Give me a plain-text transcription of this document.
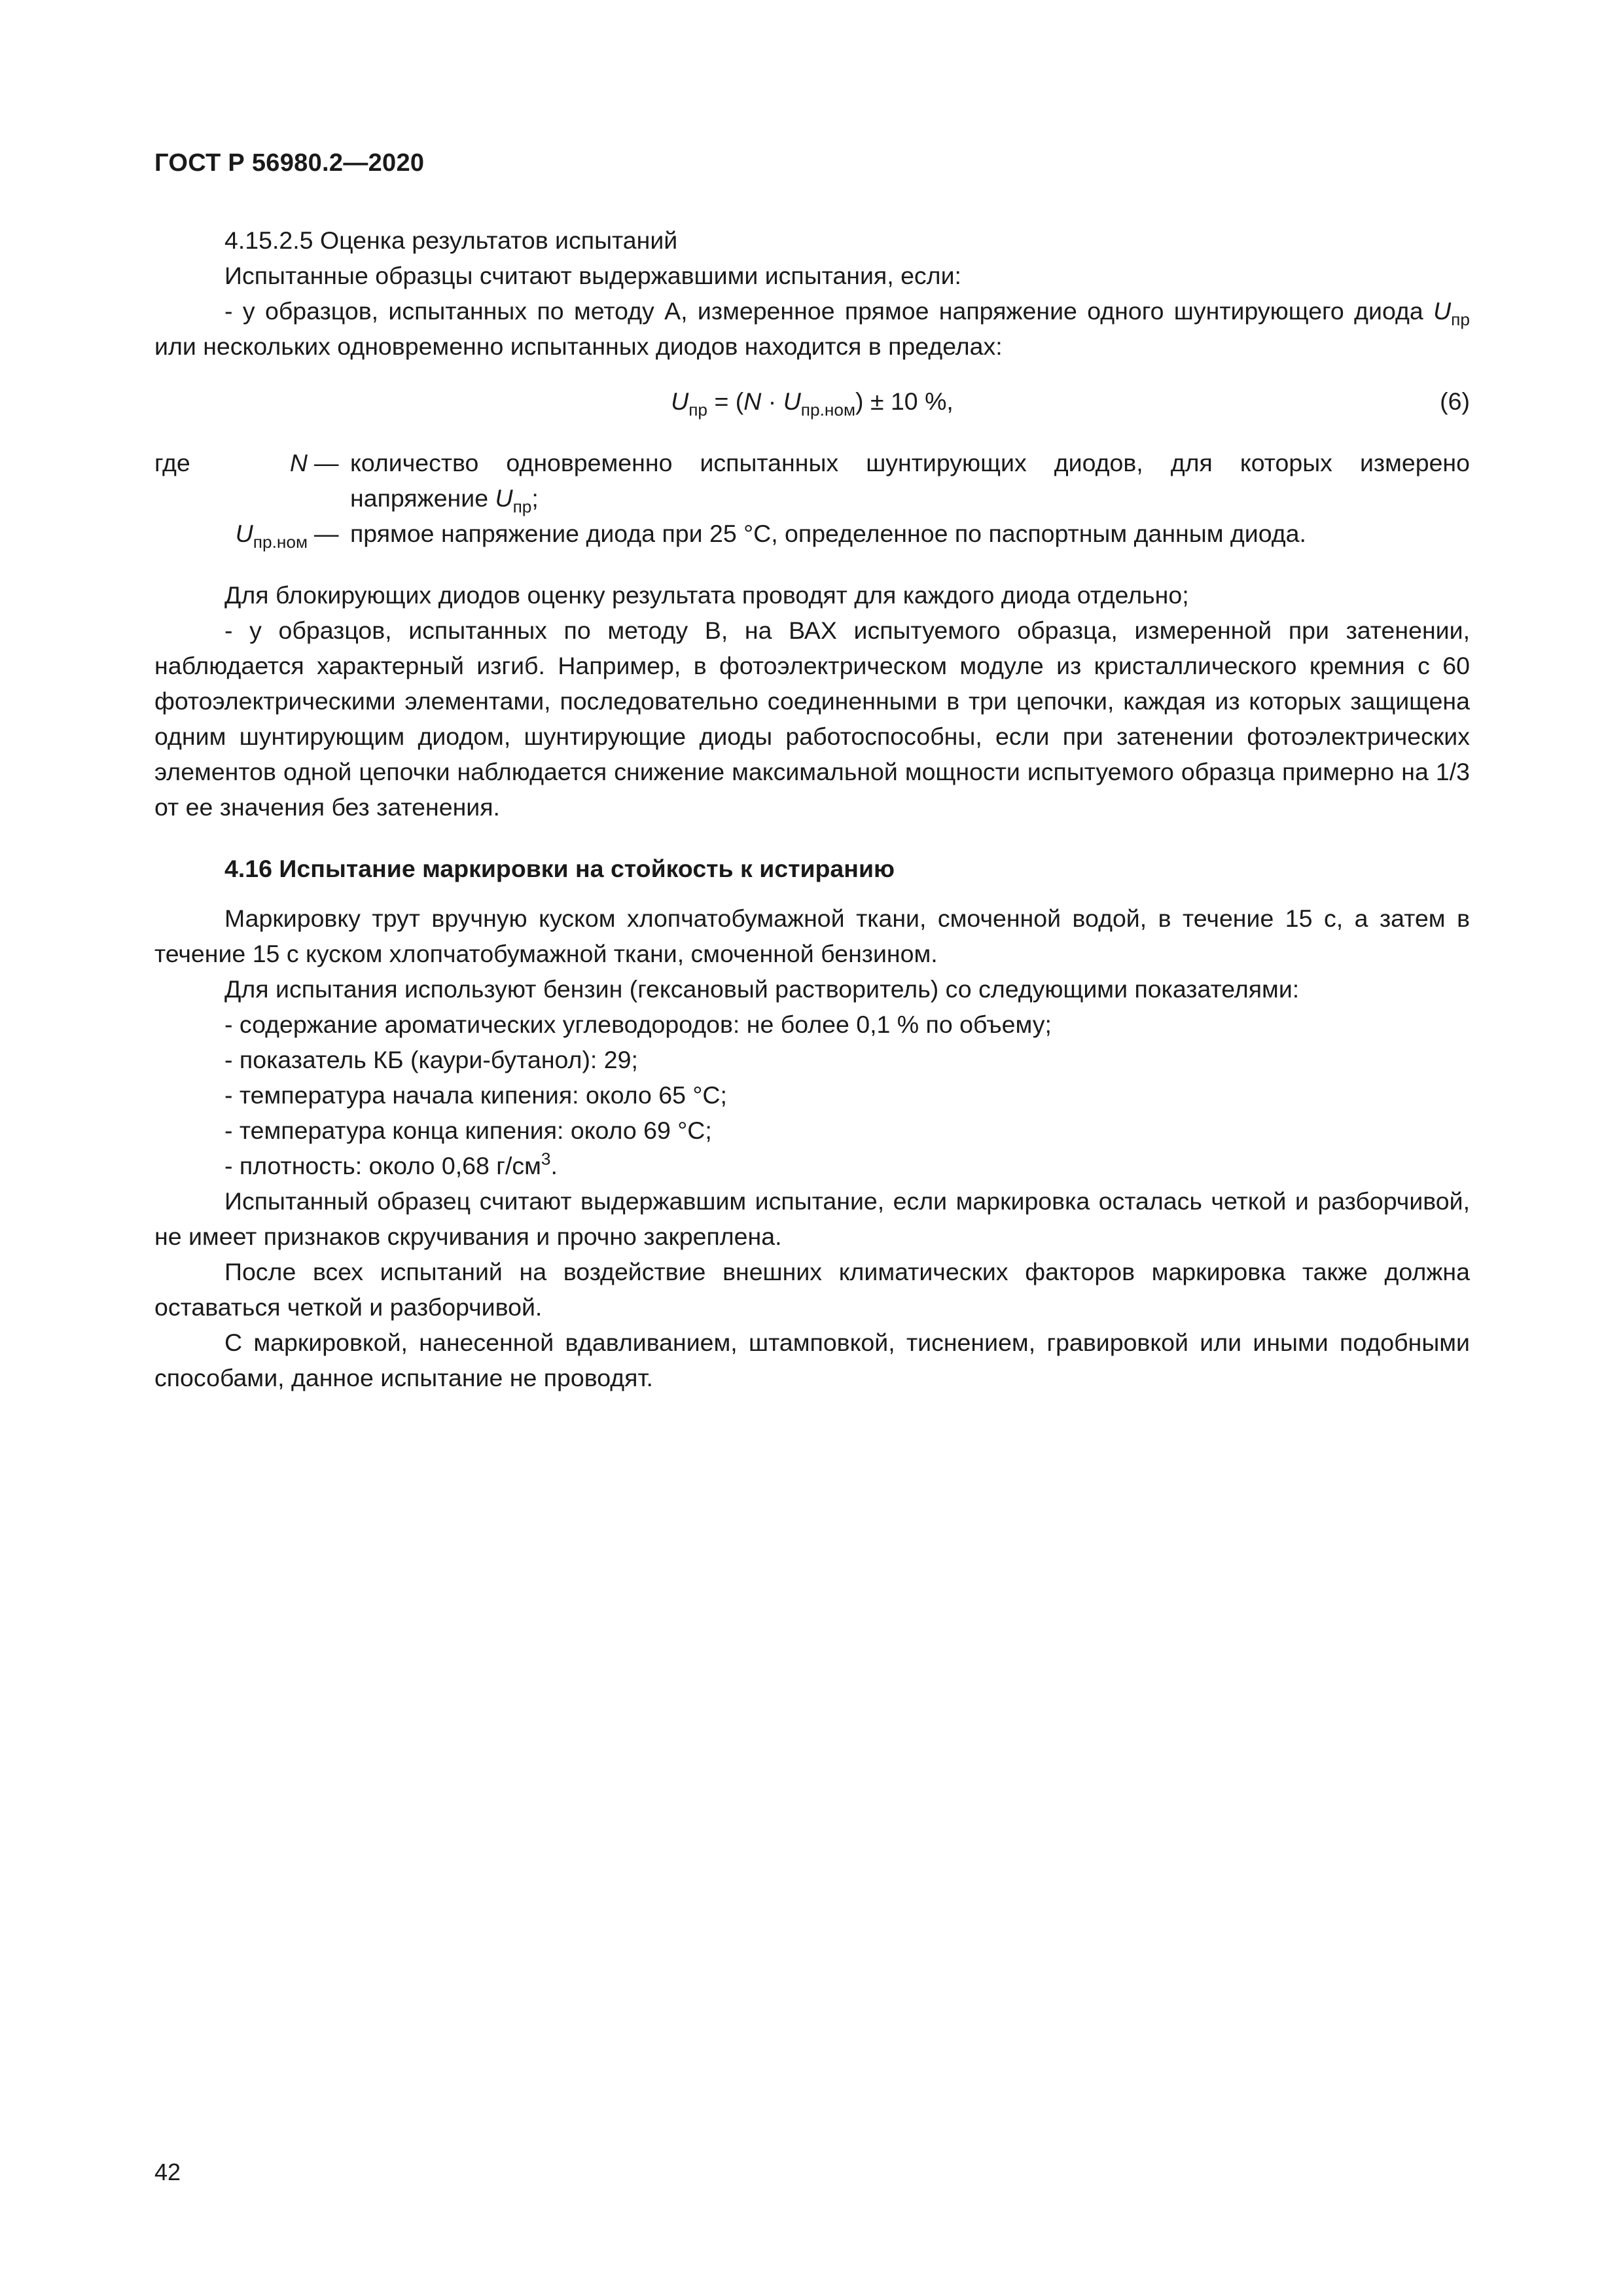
ГОСТ Р 56980.2—2020

4.15.2.5 Оценка результатов испытаний

Испытанные образцы считают выдержавшими испытания, если:

- у образцов, испытанных по методу А, измеренное прямое напряжение одного шунтирующего диода $U_{пр}$ или нескольких одновременно испытанных диодов находится в пределах:

$U_{пр} = (N \cdot U_{пр.ном}) \pm 10$ %,	(6)
где	N — количество одновременно испытанных шунтирующих диодов, для которых измерено напряжение $U_{пр}$;
$U_{пр.ном}$ — прямое напряжение диода при 25 °С, определенное по паспортным данным диода.

Для блокирующих диодов оценку результата проводят для каждого диода отдельно;

- у образцов, испытанных по методу В, на ВАХ испытуемого образца, измеренной при затенении, наблюдается характерный изгиб. Например, в фотоэлектрическом модуле из кристаллического кремния с 60 фотоэлектрическими элементами, последовательно соединенными в три цепочки, каждая из которых защищена одним шунтирующим диодом, шунтирующие диоды работоспособны, если при затенении фотоэлектрических элементов одной цепочки наблюдается снижение максимальной мощности испытуемого образца примерно на 1/3 от ее значения без затенения.

4.16 Испытание маркировки на стойкость к истиранию

Маркировку трут вручную куском хлопчатобумажной ткани, смоченной водой, в течение 15 с, а затем в течение 15 с куском хлопчатобумажной ткани, смоченной бензином.

Для испытания используют бензин (гексановый растворитель) со следующими показателями:

- содержание ароматических углеводородов: не более 0,1 % по объему;

- показатель КБ (каури-бутанол): 29;

- температура начала кипения: около 65 °С;

- температура конца кипения: около 69 °С;

- плотность: около 0,68 $г/см^3$.

Испытанный образец считают выдержавшим испытание, если маркировка осталась четкой и разборчивой, не имеет признаков скручивания и прочно закреплена.

После всех испытаний на воздействие внешних климатических факторов маркировка также должна оставаться четкой и разборчивой.

С маркировкой, нанесенной вдавливанием, штамповкой, тиснением, гравировкой или иными подобными способами, данное испытание не проводят.

42
